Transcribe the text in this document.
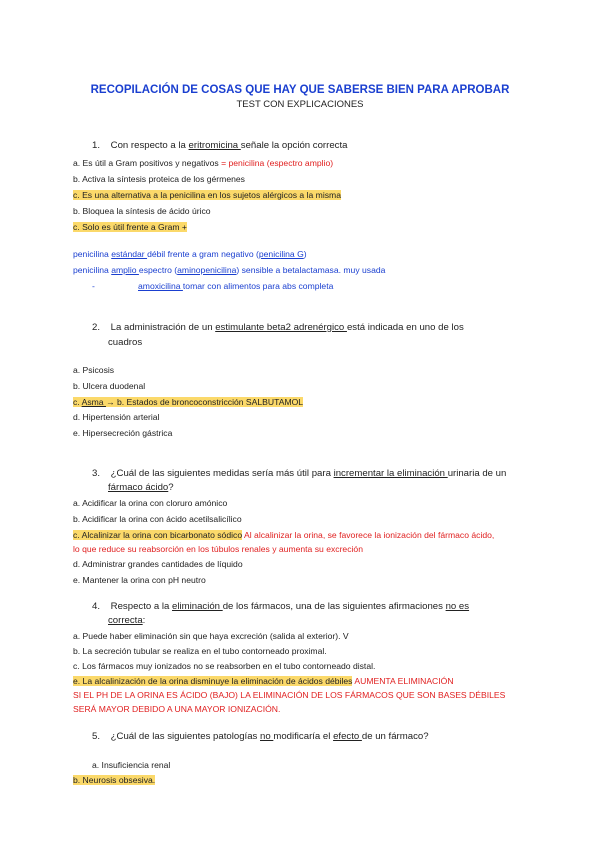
RECOPILACIÓN DE COSAS QUE HAY QUE SABERSE BIEN PARA APROBAR
TEST CON EXPLICACIONES
1. Con respecto a la eritromicina señale la opción correcta
a. Es útil a Gram positivos y negativos = penicilina (espectro amplio)
b. Activa la síntesis proteica de los gérmenes
c. Es una alternativa a la penicilina en los sujetos alérgicos a la misma
b. Bloquea la síntesis de ácido úrico
c. Solo es útil frente a Gram +
penicilina estándar débil frente a gram negativo (penicilina G)
penicilina amplio espectro (aminopenicilina) sensible a betalactamasa. muy usada
-	amoxicilina tomar con alimentos para abs completa
2. La administración de un estimulante beta2 adrenérgico está indicada en uno de los
cuadros
a. Psicosis
b. Ulcera duodenal
c. Asma → b. Estados de broncoconstricción SALBUTAMOL
d. Hipertensión arterial
e. Hipersecreción gástrica
3. ¿Cuál de las siguientes medidas sería más útil para incrementar la eliminación urinaria de un
fármaco ácido?
a. Acidificar la orina con cloruro amónico
b. Acidificar la orina con ácido acetilsalicílico
c. Alcalinizar la orina con bicarbonato sódico Al alcalinizar la orina, se favorece la ionización del fármaco ácido,
lo que reduce su reabsorción en los túbulos renales y aumenta su excreción
d. Administrar grandes cantidades de líquido
e. Mantener la orina con pH neutro
4. Respecto a la eliminación de los fármacos, una de las siguientes afirmaciones no es
correcta:
a. Puede haber eliminación sin que haya excreción (salida al exterior). V
b. La secreción tubular se realiza en el tubo contorneado proximal.
c. Los fármacos muy ionizados no se reabsorben en el tubo contorneado distal.
e. La alcalinización de la orina disminuye la eliminación de ácidos débiles AUMENTA ELIMINACIÓN
SI EL PH DE LA ORINA ES ÁCIDO (BAJO) LA ELIMINACIÓN DE LOS FÁRMACOS QUE SON BASES DÉBILES
SERÁ MAYOR DEBIDO A UNA MAYOR IONIZACIÓN.
5. ¿Cuál de las siguientes patologías no modificaría el efecto de un fármaco?
a. Insuficiencia renal
b. Neurosis obsesiva.
